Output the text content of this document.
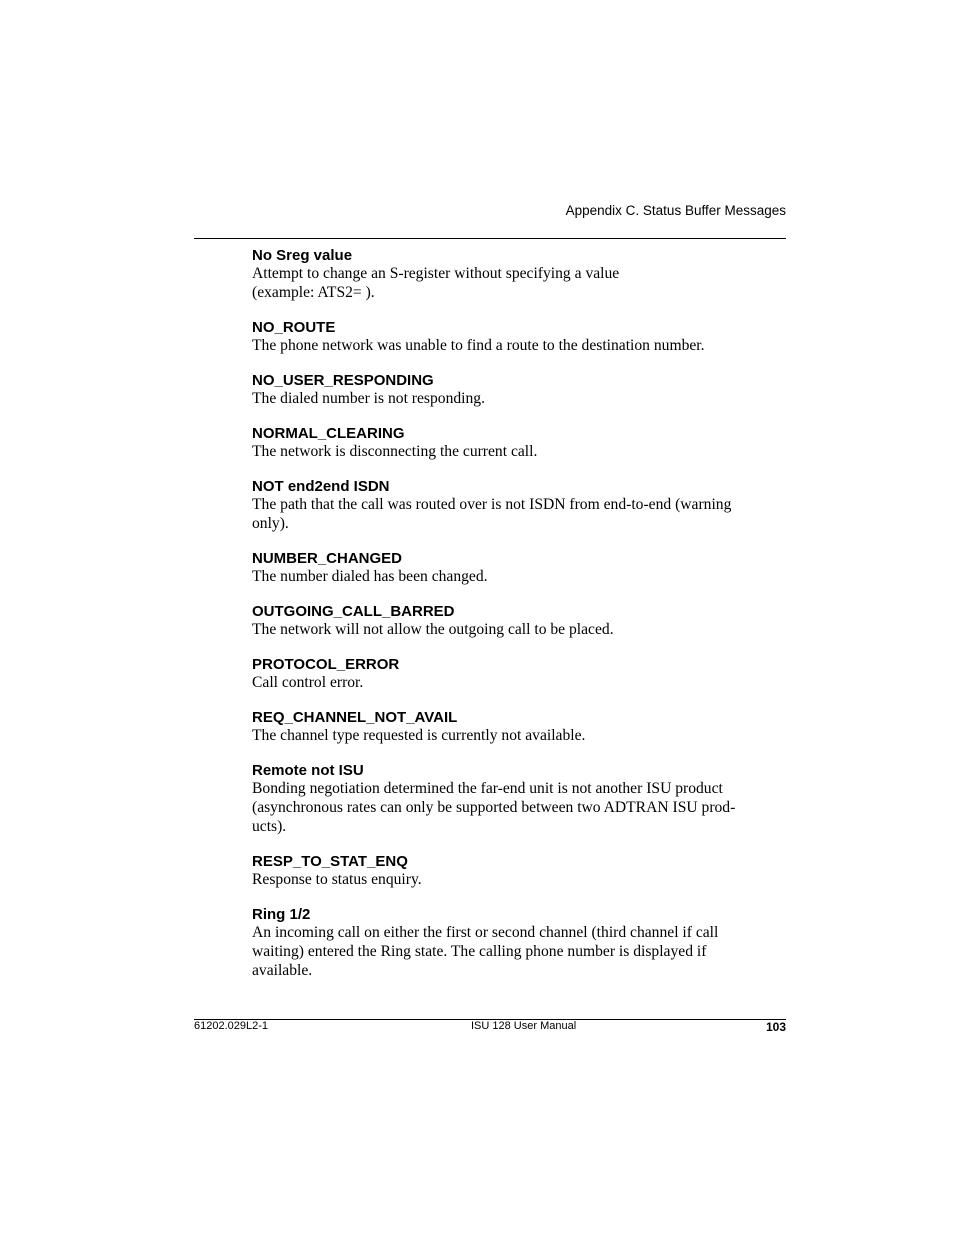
Appendix C. Status Buffer Messages
No Sreg value
Attempt to change an S-register without specifying a value
(example: ATS2= ).
NO_ROUTE
The phone network was unable to find a route to the destination number.
NO_USER_RESPONDING
The dialed number is not responding.
NORMAL_CLEARING
The network is disconnecting the current call.
NOT end2end ISDN
The path that the call was routed over is not ISDN from end-to-end (warning
only).
NUMBER_CHANGED
The number dialed has been changed.
OUTGOING_CALL_BARRED
The network will not allow the outgoing call to be placed.
PROTOCOL_ERROR
Call control error.
REQ_CHANNEL_NOT_AVAIL
The channel type requested is currently not available.
Remote not ISU
Bonding negotiation determined the far-end unit is not another ISU product
(asynchronous rates can only be supported between two ADTRAN ISU prod-
ucts).
RESP_TO_STAT_ENQ
Response to status enquiry.
Ring 1/2
An incoming call on either the first or second channel (third channel if call
waiting) entered the Ring state. The calling phone number is displayed if
available.
61202.029L2-1	ISU 128 User Manual	103
